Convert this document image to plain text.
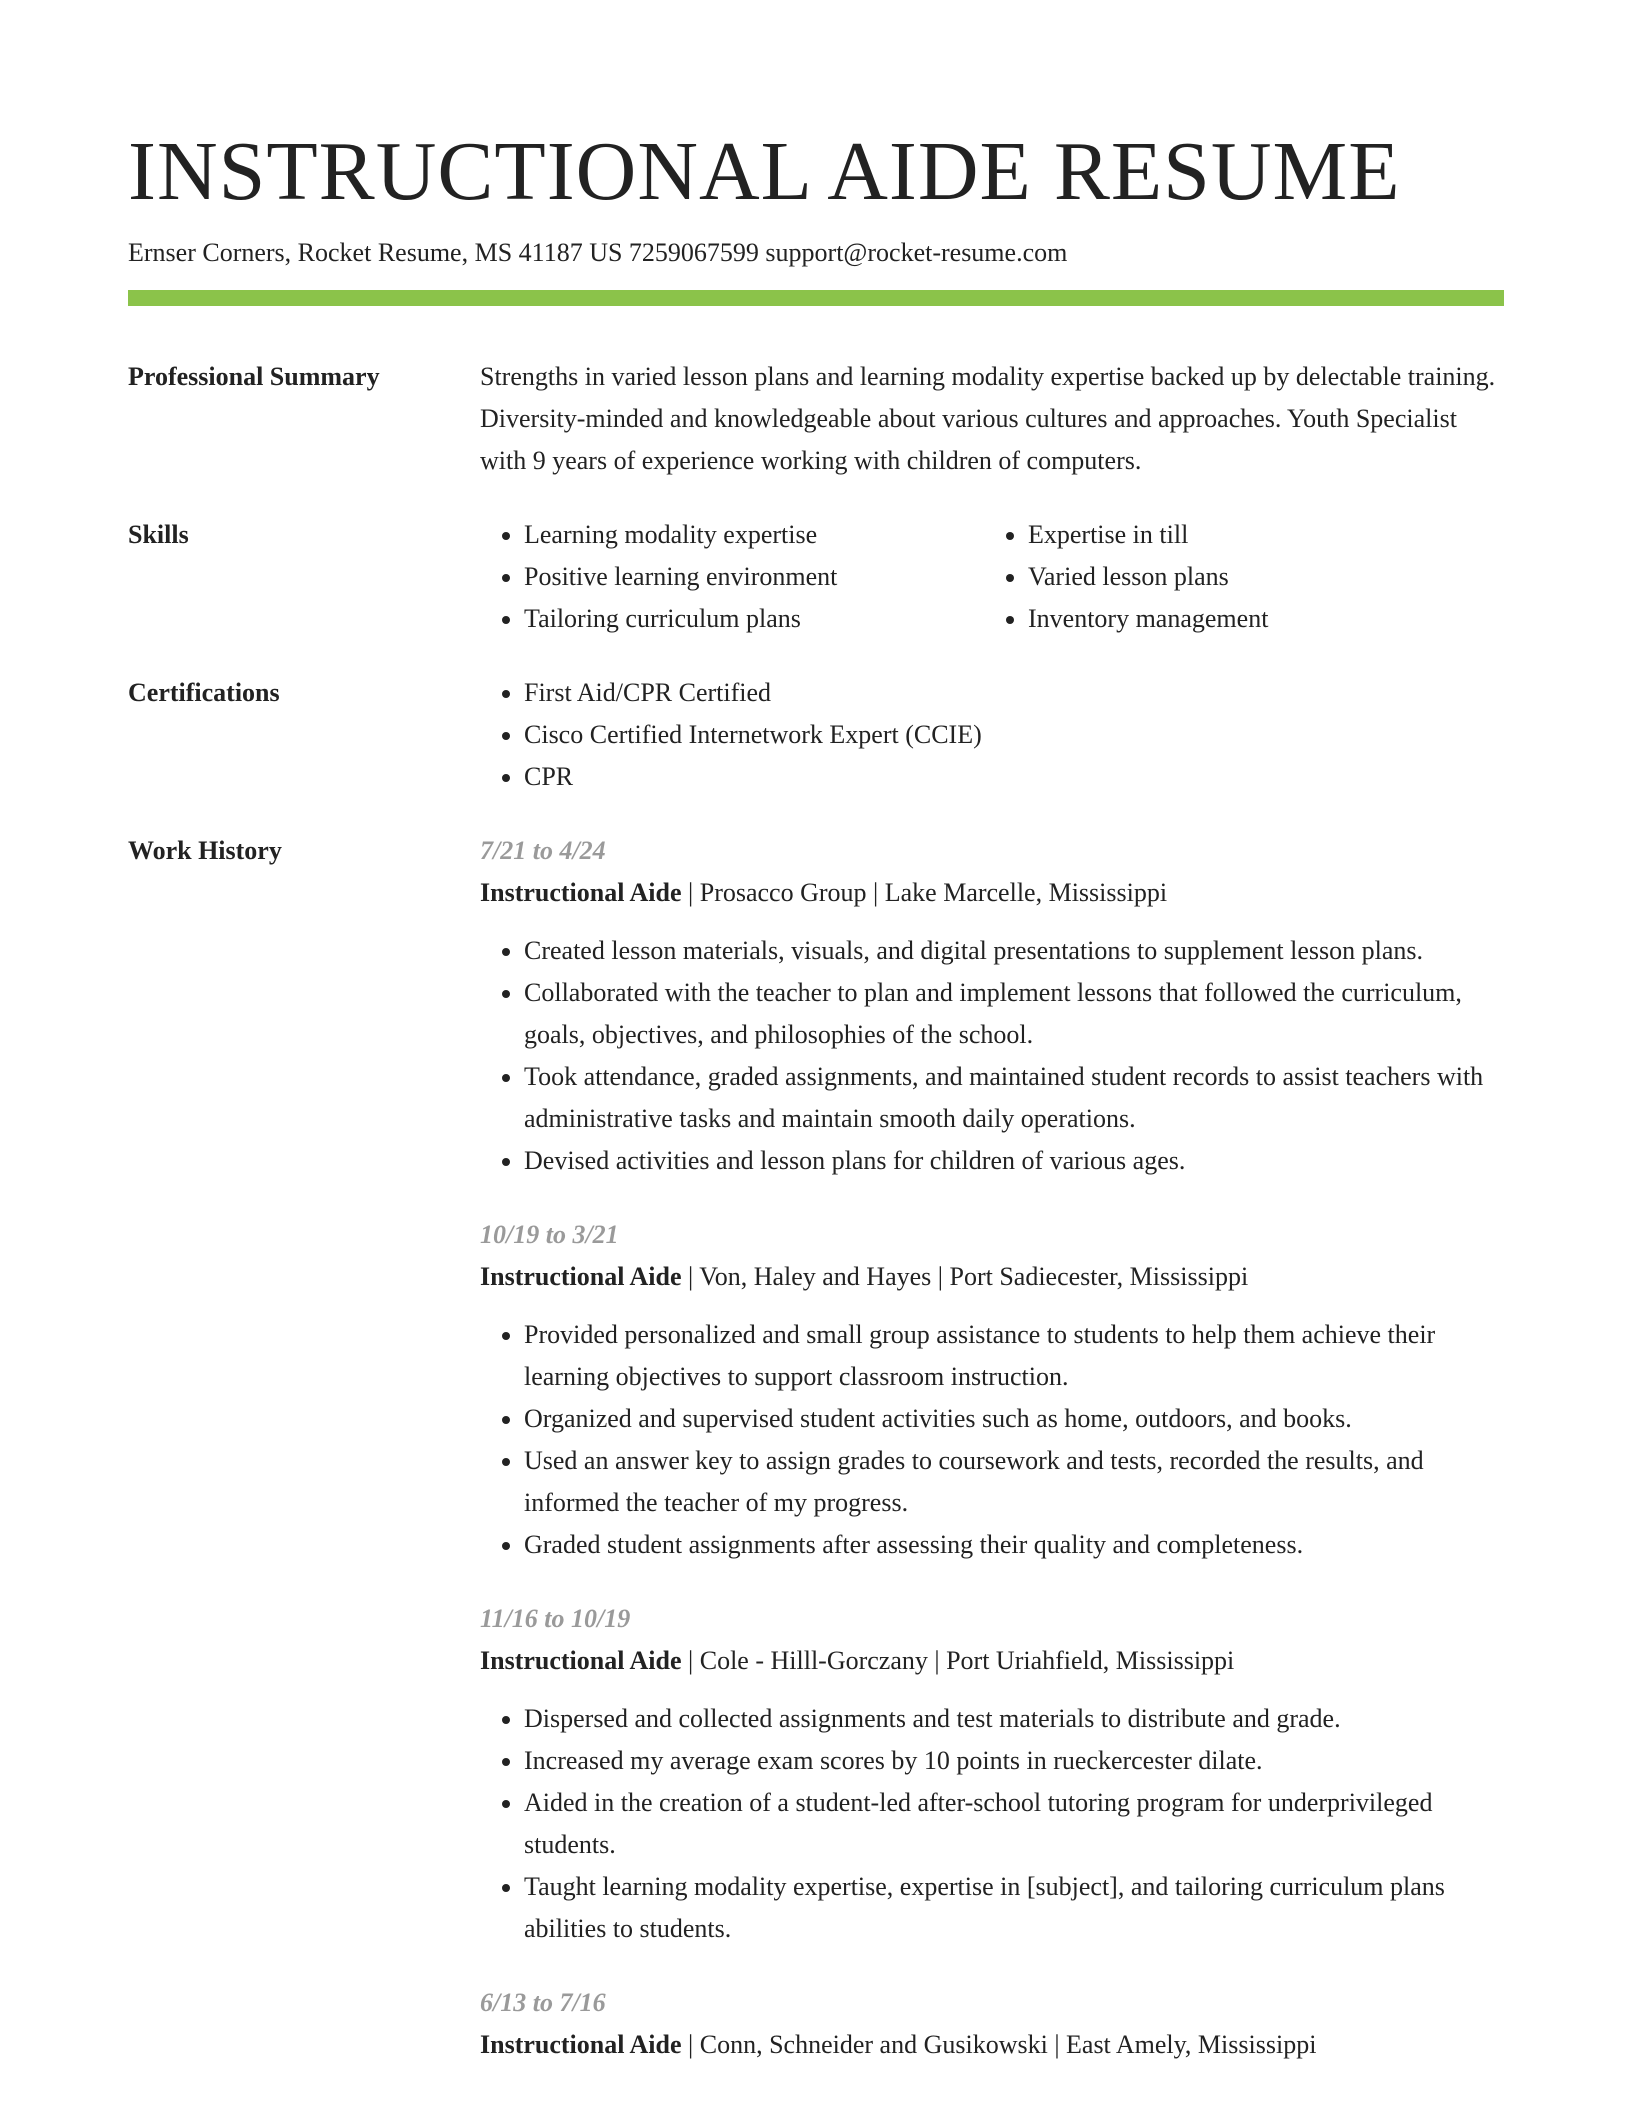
INSTRUCTIONAL AIDE RESUME
Ernser Corners, Rocket Resume, MS 41187 US 7259067599 support@rocket-resume.com
Professional Summary	Strengths in varied lesson plans and learning modality expertise backed up by delectable training. Diversity-minded and knowledgeable about various cultures and approaches. Youth Specialist with 9 years of experience working with children of computers.
Skills	• Learning modality expertise
• Positive learning environment
• Tailoring curriculum plans
• Expertise in till
• Varied lesson plans
• Inventory management
Certifications	• First Aid/CPR Certified
• Cisco Certified Internetwork Expert (CCIE)
• CPR
Work History	7/21 to 4/24
Instructional Aide | Prosacco Group | Lake Marcelle, Mississippi
• Created lesson materials, visuals, and digital presentations to supplement lesson plans.
• Collaborated with the teacher to plan and implement lessons that followed the curriculum, goals, objectives, and philosophies of the school.
• Took attendance, graded assignments, and maintained student records to assist teachers with administrative tasks and maintain smooth daily operations.
• Devised activities and lesson plans for children of various ages.
10/19 to 3/21
Instructional Aide | Von, Haley and Hayes | Port Sadiecester, Mississippi
• Provided personalized and small group assistance to students to help them achieve their learning objectives to support classroom instruction.
• Organized and supervised student activities such as home, outdoors, and books.
• Used an answer key to assign grades to coursework and tests, recorded the results, and informed the teacher of my progress.
• Graded student assignments after assessing their quality and completeness.
11/16 to 10/19
Instructional Aide | Cole - Hilll-Gorczany | Port Uriahfield, Mississippi
• Dispersed and collected assignments and test materials to distribute and grade.
• Increased my average exam scores by 10 points in rueckercester dilate.
• Aided in the creation of a student-led after-school tutoring program for underprivileged students.
• Taught learning modality expertise, expertise in [subject], and tailoring curriculum plans abilities to students.
6/13 to 7/16
Instructional Aide | Conn, Schneider and Gusikowski | East Amely, Mississippi
